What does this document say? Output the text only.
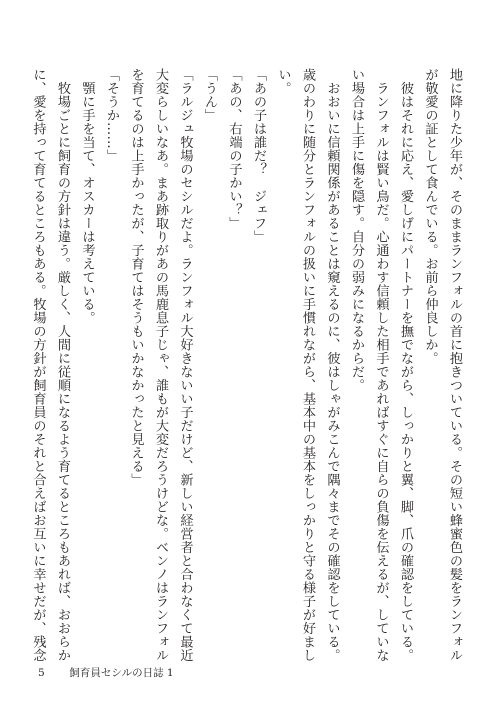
地に降りた少年が、そのままランフォルの首に抱きついている。その短い蜂蜜色の髪をランフォル
が敬愛の証として食んでいる。お前ら仲良しか。
　彼はそれに応え、愛しげにパートナーを撫でながら、しっかりと翼、脚、爪の確認をしている。
　ランフォルは賢い鳥だ。心通わす信頼した相手であればすぐに自らの負傷を伝えるが、していな
い場合は上手に傷を隠す。自分の弱みになるからだ。
　おおいに信頼関係があることは窺えるのに、彼はしゃがみこんで隅々までその確認をしている。
歳のわりに随分とランフォルの扱いに手慣れながら、基本中の基本をしっかりと守る様子が好まし
い。
「あの子は誰だ？　ジェフ」
「あの、右端の子かい？」
「うん」
「ラルジュ牧場のセシルだよ。ランフォル大好きないい子だけど、新しい経営者と合わなくて最近
大変らしいなあ。まあ跡取りがあの馬鹿息子じゃ、誰もが大変だろうけどな。ベンノはランフォル
を育てるのは上手かったが、子育てはそうもいかなかったと見える」
「そうか……」
　顎に手を当て、オスカーは考えている。
　牧場ごとに飼育の方針は違う。厳しく、人間に従順になるよう育てるところもあれば、おおらか
に、愛を持って育てるところもある。牧場の方針が飼育員のそれと合えばお互いに幸せだが、残念
5 飼育員セシルの日誌 1
